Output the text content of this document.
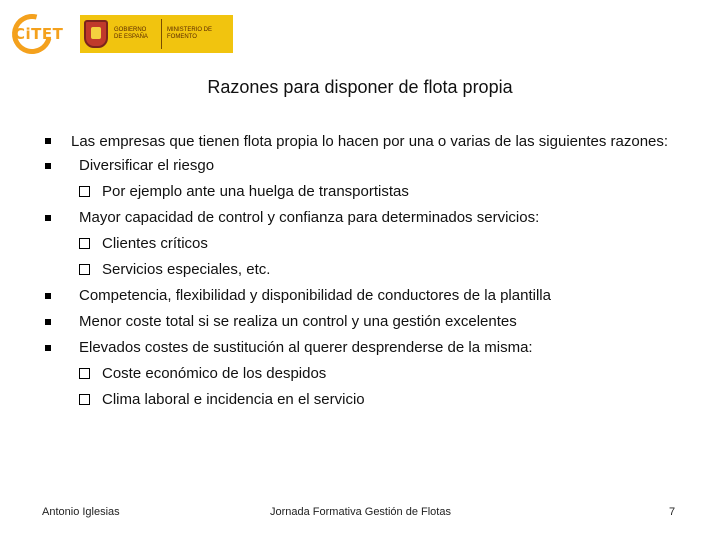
CiTET	GOBIERNO DE ESPAÑA
MINISTERIO DE FOMENTO
Razones para disponer de flota propia
Las empresas que tienen flota propia lo hacen por una o varias de las siguientes razones:
Diversificar el riesgo
Por ejemplo ante una huelga de transportistas
Mayor capacidad de control y confianza para determinados servicios:
Clientes críticos
Servicios especiales, etc.
Competencia, flexibilidad y disponibilidad de conductores de la plantilla
Menor coste total si se realiza un control y una gestión excelentes
Elevados costes de sustitución al querer desprenderse de la misma:
Coste económico de los despidos
Clima laboral e incidencia en el servicio
Antonio Iglesias	Jornada Formativa Gestión de Flotas	7
